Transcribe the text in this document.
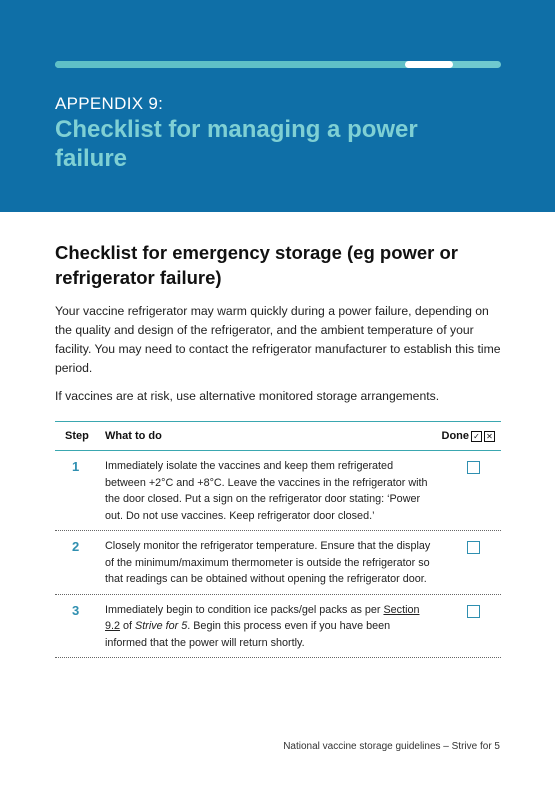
APPENDIX 9:
Checklist for managing a power failure
Checklist for emergency storage (eg power or refrigerator failure)
Your vaccine refrigerator may warm quickly during a power failure, depending on the quality and design of the refrigerator, and the ambient temperature of your facility. You may need to contact the refrigerator manufacturer to establish this time period.
If vaccines are at risk, use alternative monitored storage arrangements.
Step What to do	Done ✓ ✕
1 Immediately isolate the vaccines and keep them refrigerated between +2°C and +8°C. Leave the vaccines in the refrigerator with the door closed. Put a sign on the refrigerator door stating: ‘Power out. Do not use vaccines. Keep refrigerator door closed.’
2 Closely monitor the refrigerator temperature. Ensure that the display of the minimum/maximum thermometer is outside the refrigerator so that readings can be obtained without opening the refrigerator door.
3 Immediately begin to condition ice packs/gel packs as per Section 9.2 of Strive for 5. Begin this process even if you have been informed that the power will return shortly.
National vaccine storage guidelines – Strive for 5
